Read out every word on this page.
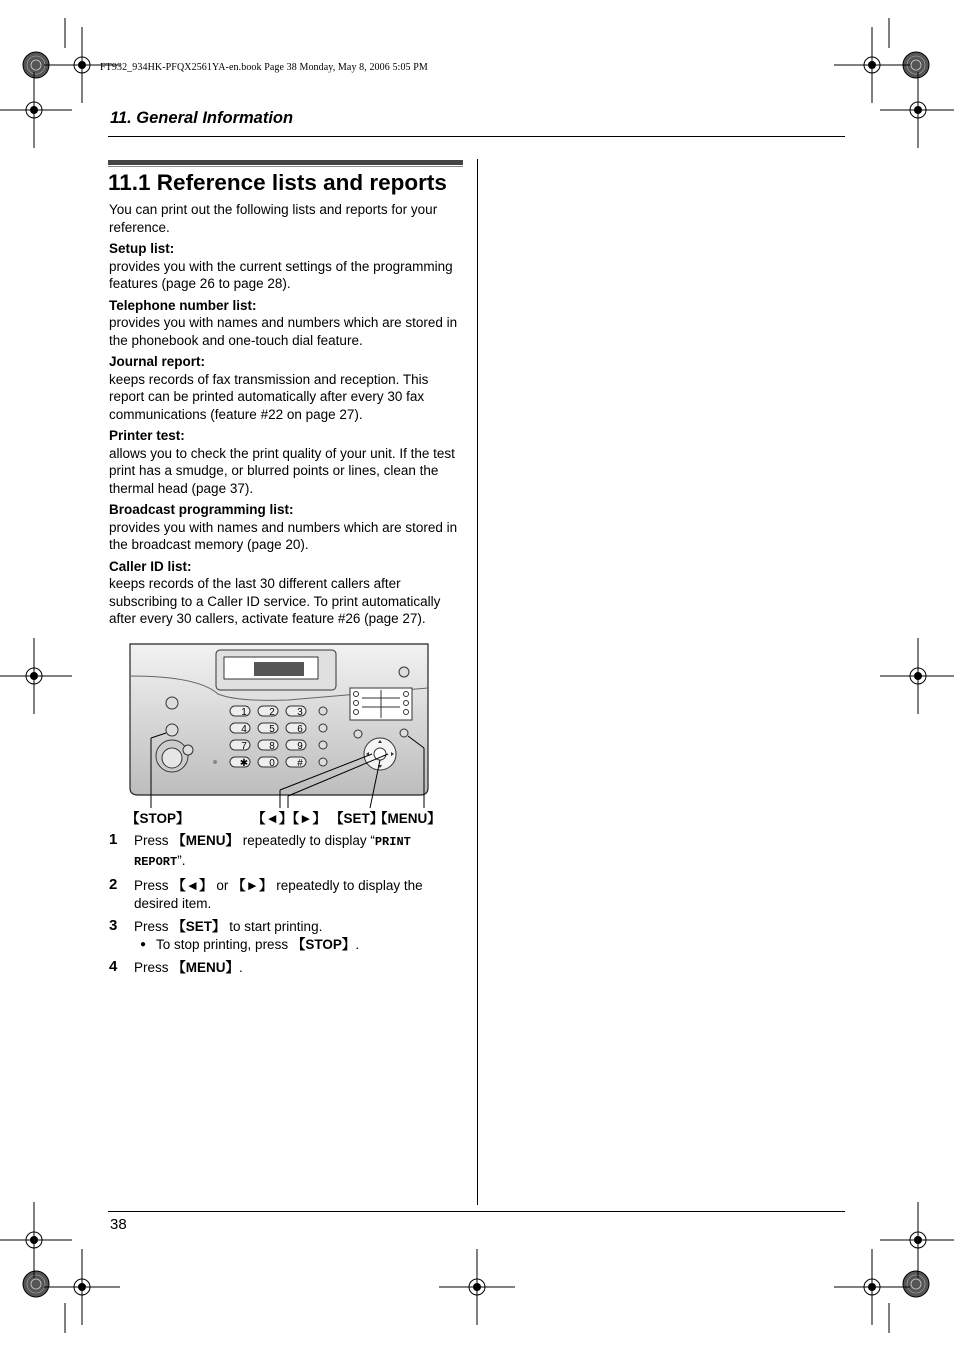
FT932_934HK-PFQX2561YA-en.book Page 38 Monday, May 8, 2006 5:05 PM
11. General Information
11.1 Reference lists and reports

You can print out the following lists and reports for your reference.

Setup list:

provides you with the current settings of the programming features (page 26 to page 28).

Telephone number list:

provides you with names and numbers which are stored in the phonebook and one-touch dial feature.

Journal report:

keeps records of fax transmission and reception. This report can be printed automatically after every 30 fax communications (feature #22 on page 27).

Printer test:

allows you to check the print quality of your unit. If the test print has a smudge, or blurred points or lines, clean the thermal head (page 37).

Broadcast programming list:

provides you with names and numbers which are stored in the broadcast memory (page 20).

Caller ID list:

keeps records of the last 30 different callers after subscribing to a Caller ID service. To print automatically after every 30 callers, activate feature #26 (page 27).

1 2 3
4 5 6
7 8 9
✱ 0 #
【STOP】	【◄】【►】 【SET】
【MENU】
1 Press 【MENU】 repeatedly to display “PRINT REPORT”.
2 Press 【◄】 or 【►】 repeatedly to display the desired item.
3 Press 【SET】 to start printing.
● To stop printing, press 【STOP】.
4 Press 【MENU】.
38
